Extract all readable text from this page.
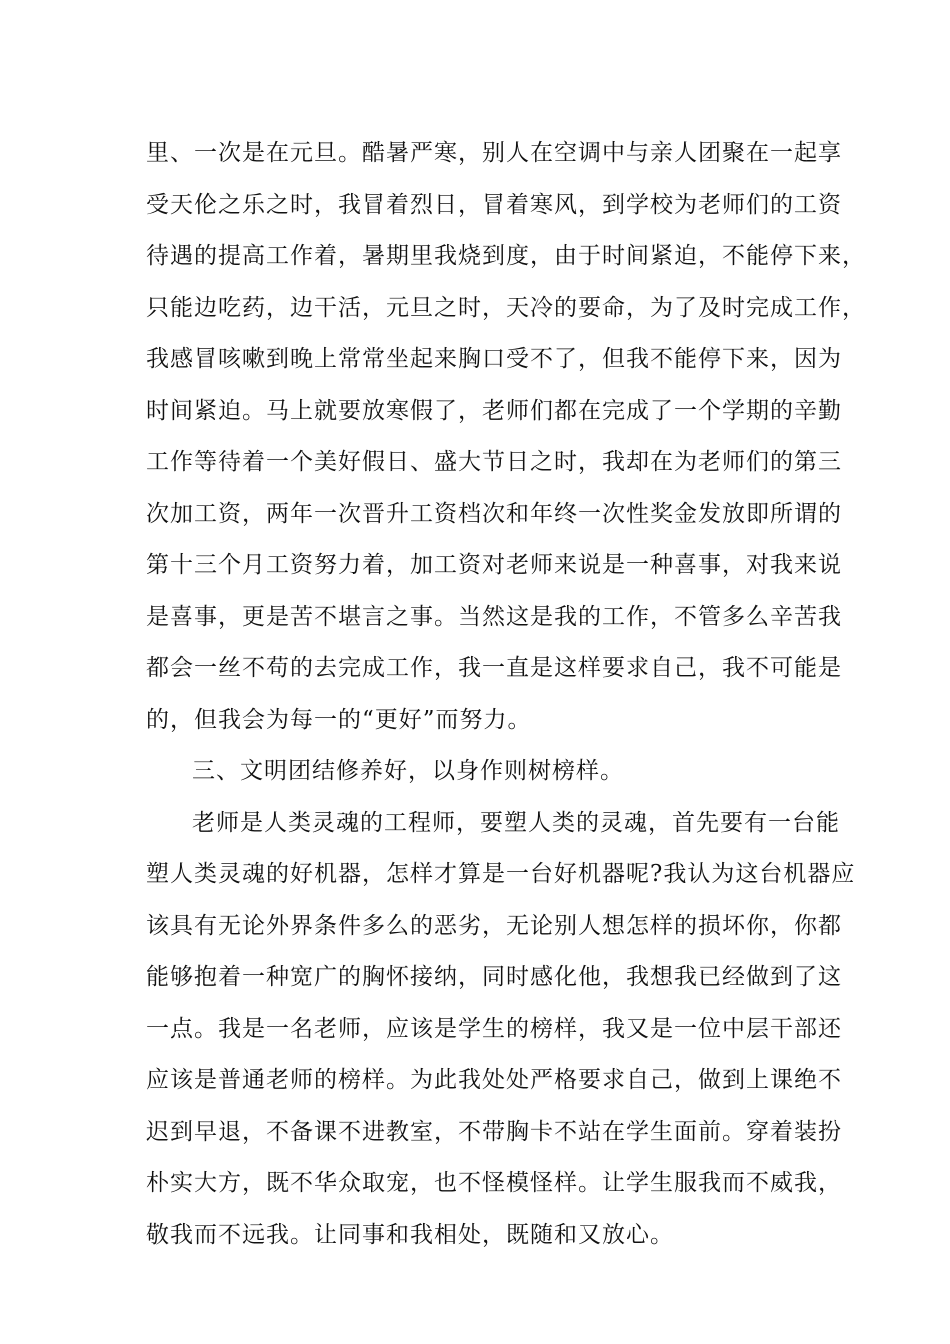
里、一次是在元旦。酷暑严寒，别人在空调中与亲人团聚在一起享
受天伦之乐之时，我冒着烈日，冒着寒风，到学校为老师们的工资
待遇的提高工作着，暑期里我烧到度，由于时间紧迫，不能停下来，
只能边吃药，边干活，元旦之时，天冷的要命，为了及时完成工作，
我感冒咳嗽到晚上常常坐起来胸口受不了，但我不能停下来，因为
时间紧迫。马上就要放寒假了，老师们都在完成了一个学期的辛勤
工作等待着一个美好假日、盛大节日之时，我却在为老师们的第三
次加工资，两年一次晋升工资档次和年终一次性奖金发放即所谓的
第十三个月工资努力着，加工资对老师来说是一种喜事，对我来说
是喜事，更是苦不堪言之事。当然这是我的工作，不管多么辛苦我
都会一丝不苟的去完成工作，我一直是这样要求自己，我不可能是
的，但我会为每一的“更好”而努力。
三、文明团结修养好，以身作则树榜样。
老师是人类灵魂的工程师，要塑人类的灵魂，首先要有一台能
塑人类灵魂的好机器，怎样才算是一台好机器呢?我认为这台机器应
该具有无论外界条件多么的恶劣，无论别人想怎样的损坏你，你都
能够抱着一种宽广的胸怀接纳，同时感化他，我想我已经做到了这
一点。我是一名老师，应该是学生的榜样，我又是一位中层干部还
应该是普通老师的榜样。为此我处处严格要求自己，做到上课绝不
迟到早退，不备课不进教室，不带胸卡不站在学生面前。穿着装扮
朴实大方，既不华众取宠，也不怪模怪样。让学生服我而不威我，
敬我而不远我。让同事和我相处，既随和又放心。
